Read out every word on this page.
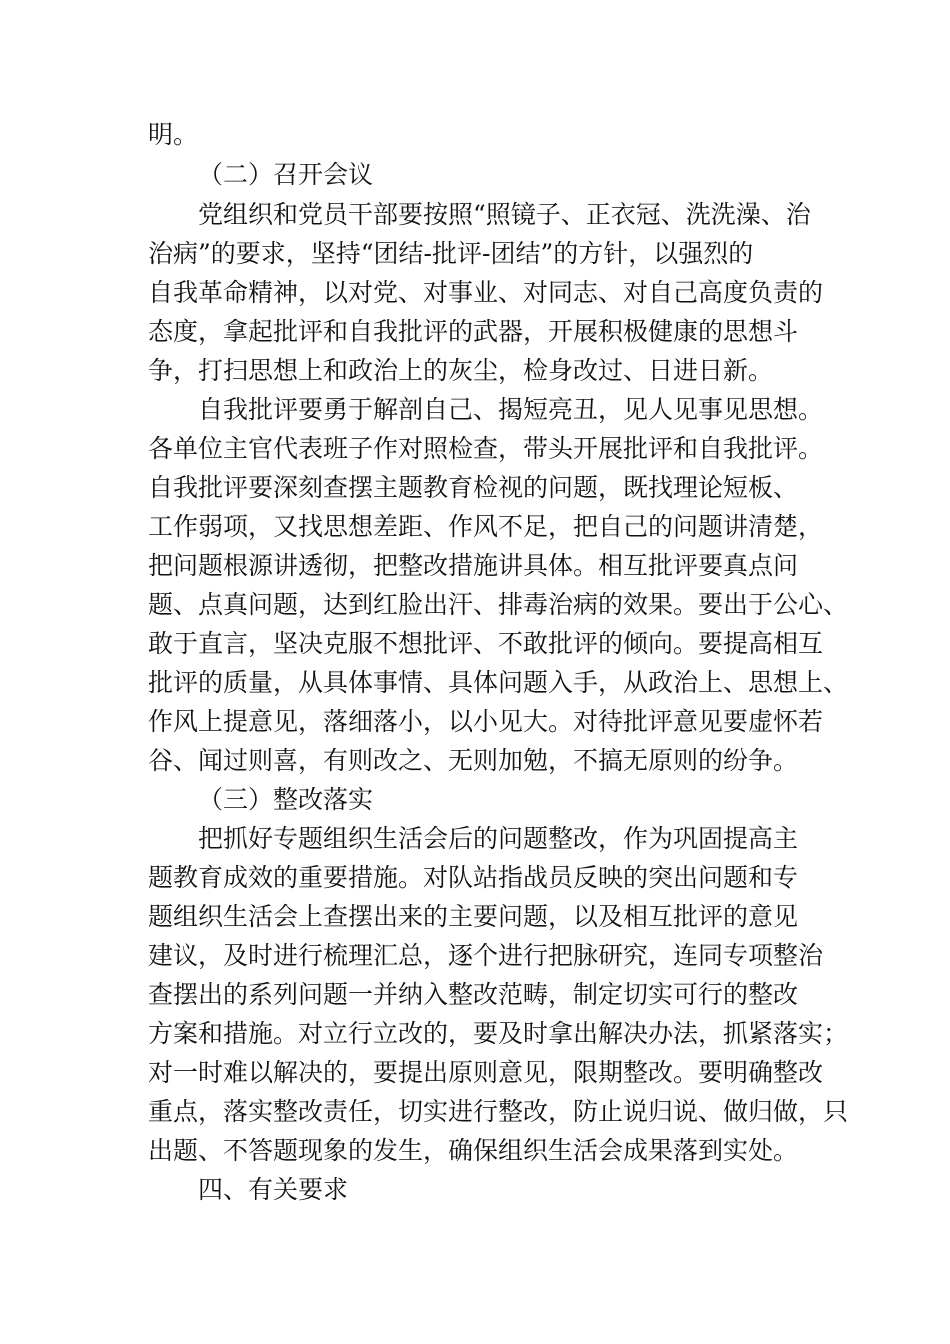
明。

（二）召开会议

党组织和党员干部要按照“照镜子、正衣冠、洗洗澡、治

治病”的要求，坚持“团结-批评-团结”的方针，以强烈的

自我革命精神，以对党、对事业、对同志、对自己高度负责的

态度，拿起批评和自我批评的武器，开展积极健康的思想斗

争，打扫思想上和政治上的灰尘，检身改过、日进日新。

自我批评要勇于解剖自己、揭短亮丑，见人见事见思想。

各单位主官代表班子作对照检查，带头开展批评和自我批评。

自我批评要深刻查摆主题教育检视的问题，既找理论短板、

工作弱项，又找思想差距、作风不足，把自己的问题讲清楚，

把问题根源讲透彻，把整改措施讲具体。相互批评要真点问

题、点真问题，达到红脸出汗、排毒治病的效果。要出于公心、

敢于直言，坚决克服不想批评、不敢批评的倾向。要提高相互

批评的质量，从具体事情、具体问题入手，从政治上、思想上、

作风上提意见，落细落小，以小见大。对待批评意见要虚怀若

谷、闻过则喜，有则改之、无则加勉，不搞无原则的纷争。

（三）整改落实

把抓好专题组织生活会后的问题整改，作为巩固提高主

题教育成效的重要措施。对队站指战员反映的突出问题和专

题组织生活会上查摆出来的主要问题，以及相互批评的意见

建议，及时进行梳理汇总，逐个进行把脉研究，连同专项整治

查摆出的系列问题一并纳入整改范畴，制定切实可行的整改

方案和措施。对立行立改的，要及时拿出解决办法，抓紧落实；

对一时难以解决的，要提出原则意见，限期整改。要明确整改

重点，落实整改责任，切实进行整改，防止说归说、做归做，只

出题、不答题现象的发生，确保组织生活会成果落到实处。

四、有关要求
